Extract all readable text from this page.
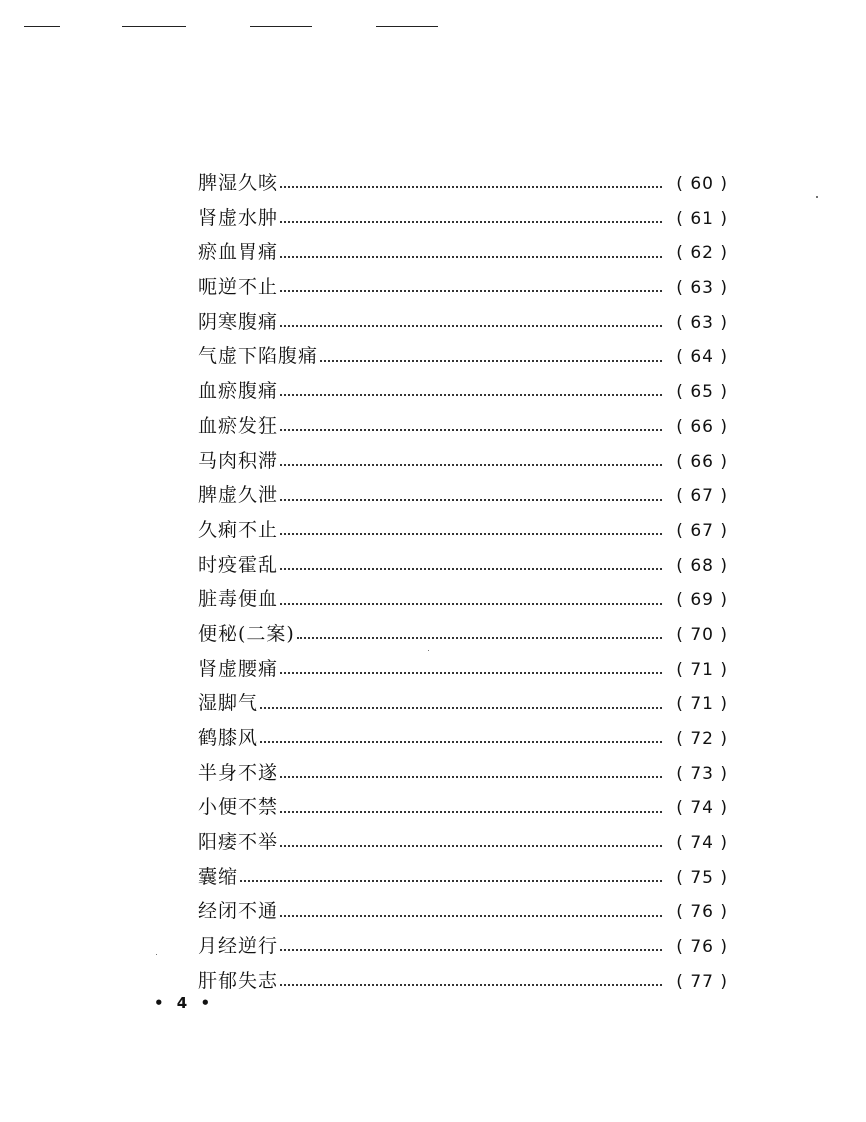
脾湿久咳	( 60 )
肾虚水肿	( 61 )
瘀血胃痛	( 62 )
呃逆不止	( 63 )
阴寒腹痛	( 63 )
气虚下陷腹痛	( 64 )
血瘀腹痛	( 65 )
血瘀发狂	( 66 )
马肉积滞	( 66 )
脾虚久泄	( 67 )
久痢不止	( 67 )
时疫霍乱	( 68 )
脏毒便血	( 69 )
便秘(二案)	( 70 )
肾虚腰痛	( 71 )
湿脚气	( 71 )
鹤膝风	( 72 )
半身不遂	( 73 )
小便不禁	( 74 )
阳痿不举	( 74 )
囊缩	( 75 )
经闭不通	( 76 )
月经逆行	( 76 )
肝郁失志	( 77 )
• 4 •
